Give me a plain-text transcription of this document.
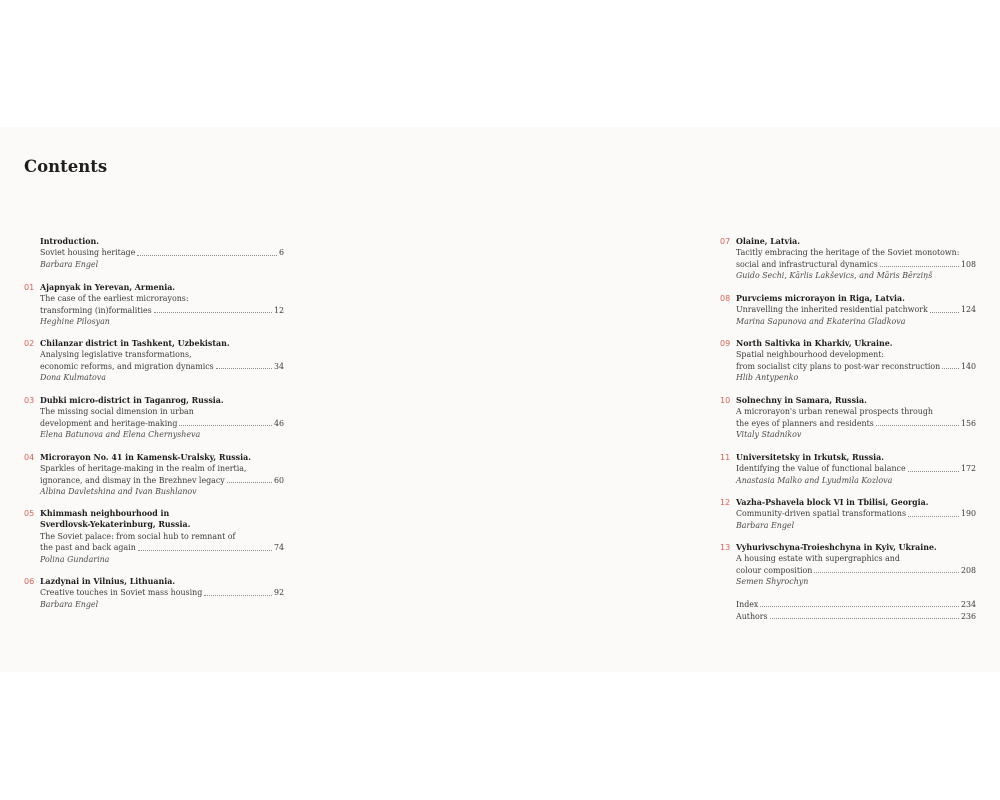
Contents
Introduction.
Soviet housing heritage	6
Barbara Engel
01 Ajapnyak in Yerevan, Armenia.
The case of the earliest microrayons:
transforming (in)formalities	12
Heghine Pilosyan
02 Chilanzar district in Tashkent, Uzbekistan.
Analysing legislative transformations,
economic reforms, and migration dynamics	34
Dona Kulmatova
03 Dubki micro-district in Taganrog, Russia.
The missing social dimension in urban
development and heritage-making	46
Elena Batunova and Elena Chernysheva
04 Microrayon No. 41 in Kamensk-Uralsky, Russia.
Sparkles of heritage-making in the realm of inertia,
ignorance, and dismay in the Brezhnev legacy	60
Albina Davletshina and Ivan Bushlanov
05 Khimmash neighbourhood in
Sverdlovsk-Yekaterinburg, Russia.
The Soviet palace: from social hub to remnant of
the past and back again	74
Polina Gundarina
06 Lazdynai in Vilnius, Lithuania.
Creative touches in Soviet mass housing	92
Barbara Engel
07 Olaine, Latvia.
Tacitly embracing the heritage of the Soviet monotown:
social and infrastructural dynamics	108
Guido Sechi, Kārlis Lakševics, and Māris Bērziņš
08 Purvciems microrayon in Riga, Latvia.
Unravelling the inherited residential patchwork	124
Marina Sapunova and Ekaterina Gladkova
09 North Saltivka in Kharkiv, Ukraine.
Spatial neighbourhood development:
from socialist city plans to post-war reconstruction	140
Hlib Antypenko
10 Solnechny in Samara, Russia.
A microrayon's urban renewal prospects through
the eyes of planners and residents	156
Vitaly Stadnikov
11 Universitetsky in Irkutsk, Russia.
Identifying the value of functional balance	172
Anastasia Malko and Lyudmila Kozlova
12 Vazha-Pshavela block VI in Tbilisi, Georgia.
Community-driven spatial transformations	190
Barbara Engel
13 Vyhurivschyna-Troieshchyna in Kyiv, Ukraine.
A housing estate with supergraphics and
colour composition	208
Semen Shyrochyn
Index	234
Authors	236
